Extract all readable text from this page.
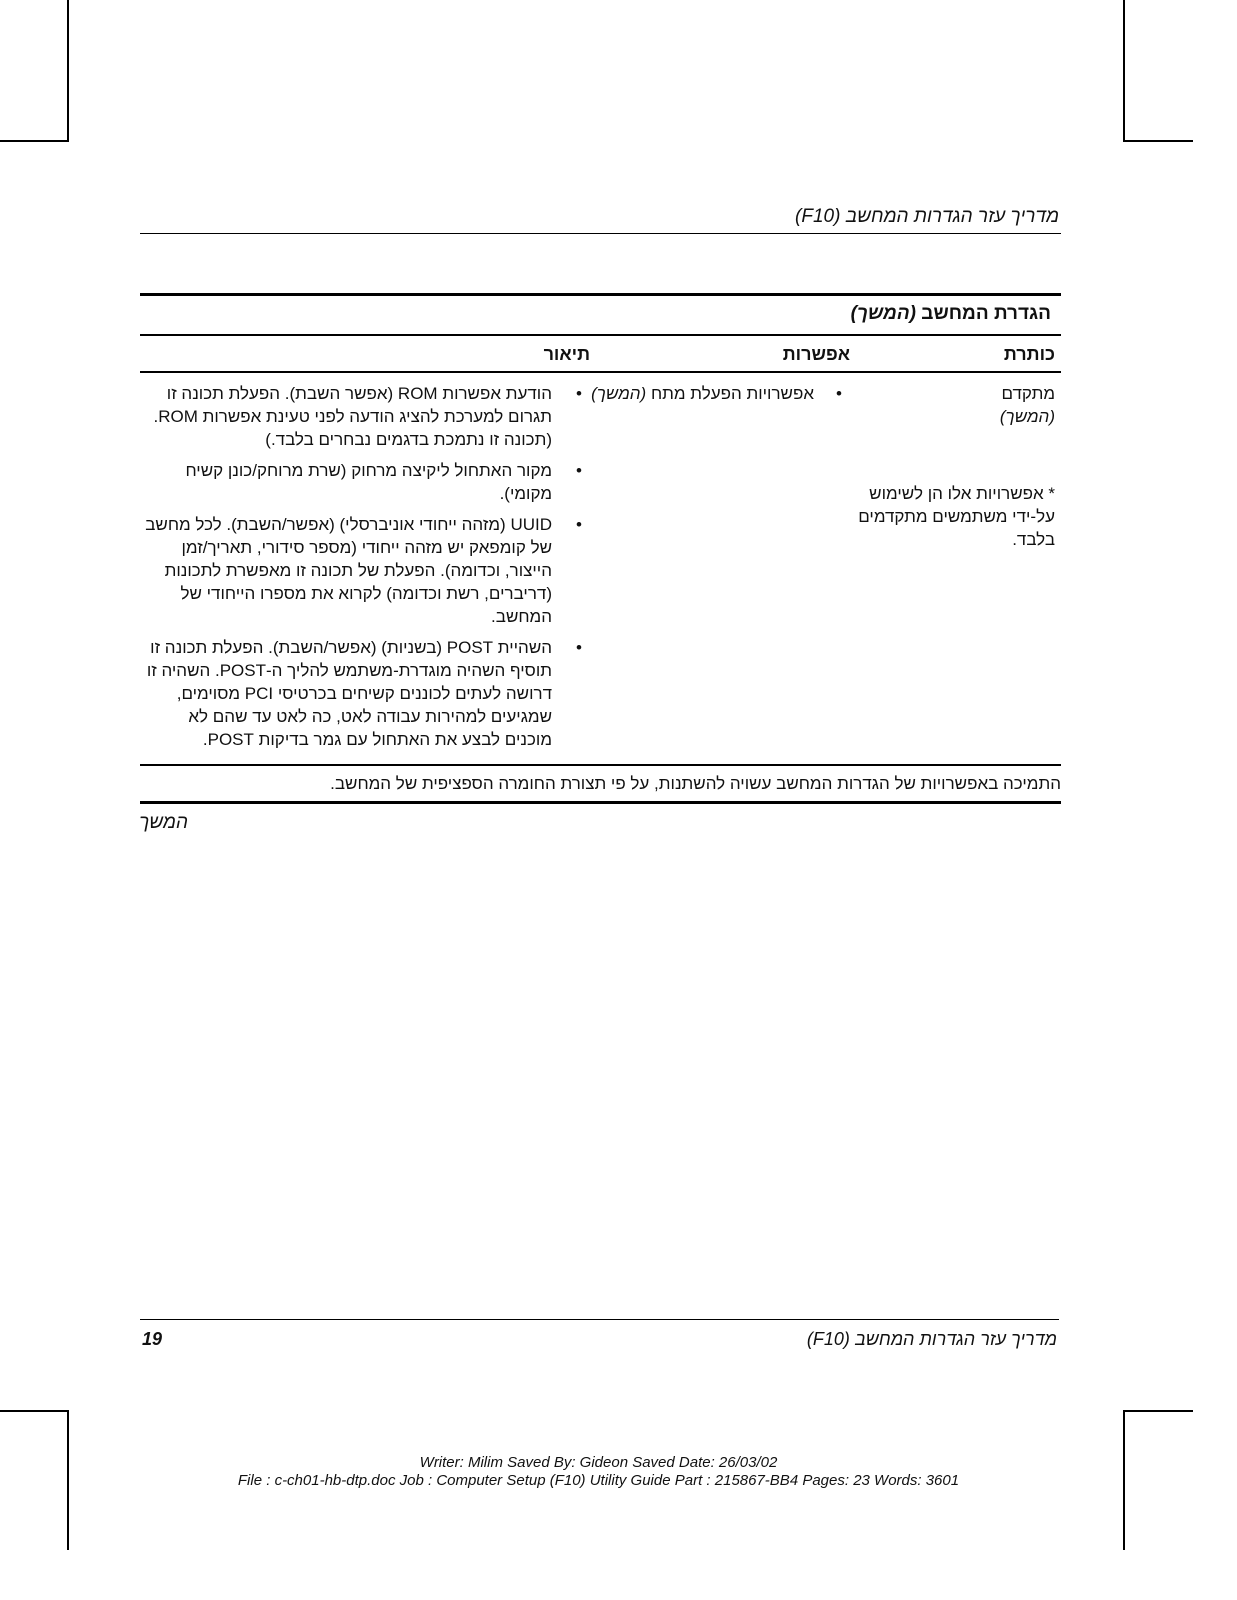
מדריך עזר הגדרות המחשב (F10)
הגדרת המחשב (המשך)
כותרת
אפשרות
תיאור
מתקדם
(המשך)
* אפשרויות אלו הן לשימוש על-ידי משתמשים מתקדמים בלבד.
• אפשרויות הפעלת מתח (המשך)
• הודעת אפשרות ROM (אפשר השבת). הפעלת תכונה זו תגרום למערכת להציג הודעה לפני טעינת אפשרות ROM. (תכונה זו נתמכת בדגמים נבחרים בלבד.)
• מקור האתחול ליקיצה מרחוק (שרת מרוחק/כונן קשיח מקומי).
• UUID (מזהה ייחודי אוניברסלי) (אפשר/השבת). לכל מחשב של קומפאק יש מזהה ייחודי (מספר סידורי, תאריך/זמן הייצור, וכדומה). הפעלת של תכונה זו מאפשרת לתכונות (דריברים, רשת וכדומה) לקרוא את מספרו הייחודי של המחשב.
• השהיית POST (בשניות) (אפשר/השבת). הפעלת תכונה זו תוסיף השהיה מוגדרת-משתמש להליך ה-POST. השהיה זו דרושה לעתים לכוננים קשיחים בכרטיסי PCI מסוימים, שמגיעים למהירות עבודה לאט, כה לאט עד שהם לא מוכנים לבצע את האתחול עם גמר בדיקות POST.
התמיכה באפשרויות של הגדרות המחשב עשויה להשתנות, על פי תצורת החומרה הספציפית של המחשב.
המשך
19	מדריך עזר הגדרות המחשב (F10)
Writer: Milim Saved By: Gideon Saved Date: 26/03/02
File : c-ch01-hb-dtp.doc Job : Computer Setup (F10) Utility Guide Part : 215867-BB4 Pages: 23 Words: 3601
